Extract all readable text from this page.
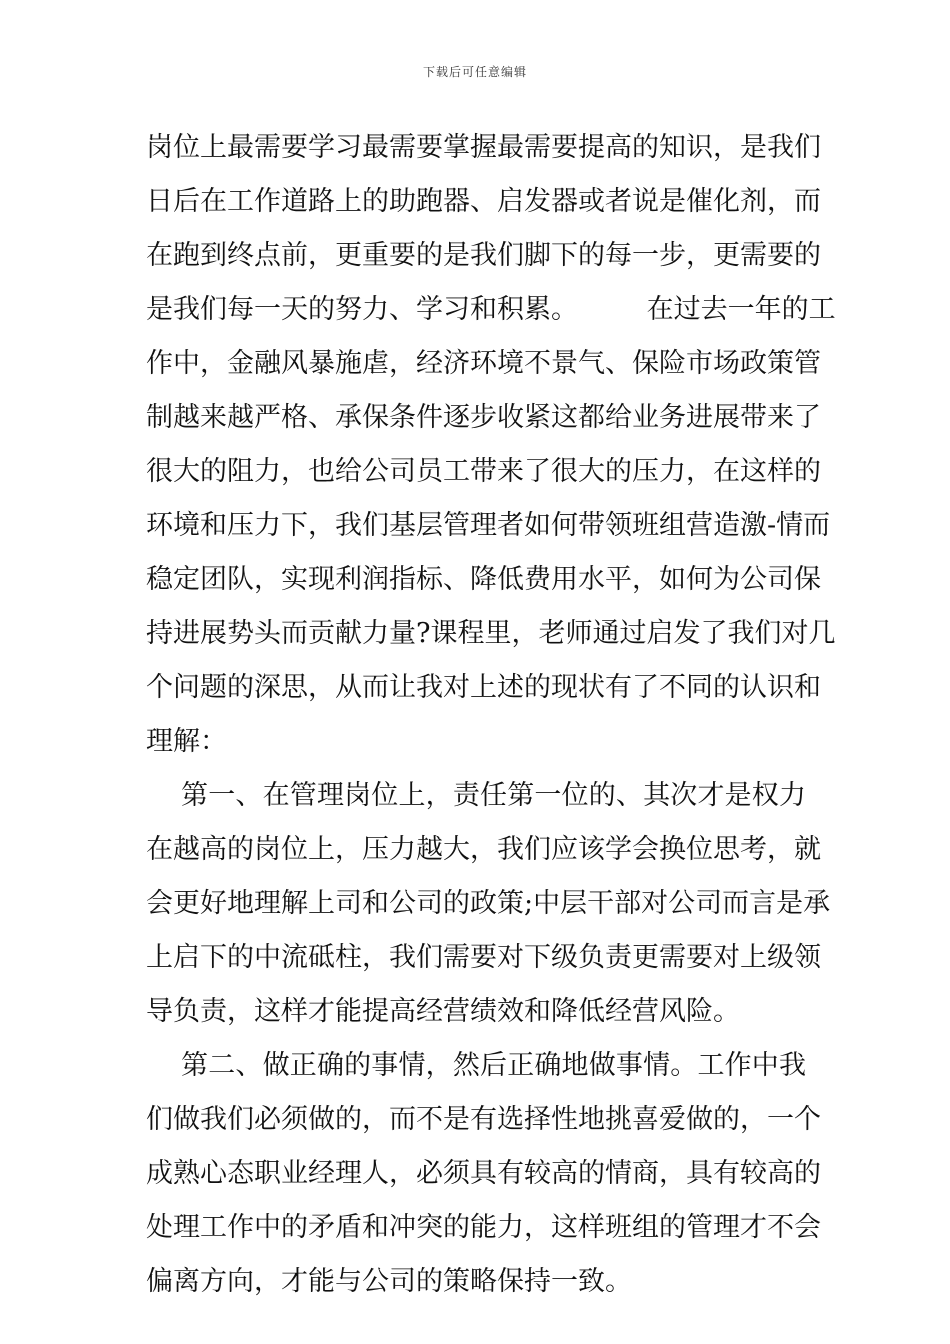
下载后可任意编辑
岗位上最需要学习最需要掌握最需要提高的知识，是我们
日后在工作道路上的助跑器、启发器或者说是催化剂，而
在跑到终点前，更重要的是我们脚下的每一步，更需要的
是我们每一天的努力、学习和积累。        在过去一年的工
作中，金融风暴施虐，经济环境不景气、保险市场政策管
制越来越严格、承保条件逐步收紧这都给业务进展带来了
很大的阻力，也给公司员工带来了很大的压力，在这样的
环境和压力下，我们基层管理者如何带领班组营造激-情而
稳定团队，实现利润指标、降低费用水平，如何为公司保
持进展势头而贡献力量?课程里，老师通过启发了我们对几
个问题的深思，从而让我对上述的现状有了不同的认识和
理解：
第一、在管理岗位上，责任第一位的、其次才是权力
在越高的岗位上，压力越大，我们应该学会换位思考，就
会更好地理解上司和公司的政策;中层干部对公司而言是承
上启下的中流砥柱，我们需要对下级负责更需要对上级领
导负责，这样才能提高经营绩效和降低经营风险。
第二、做正确的事情，然后正确地做事情。工作中我
们做我们必须做的，而不是有选择性地挑喜爱做的，一个
成熟心态职业经理人，必须具有较高的情商，具有较高的
处理工作中的矛盾和冲突的能力，这样班组的管理才不会
偏离方向，才能与公司的策略保持一致。
